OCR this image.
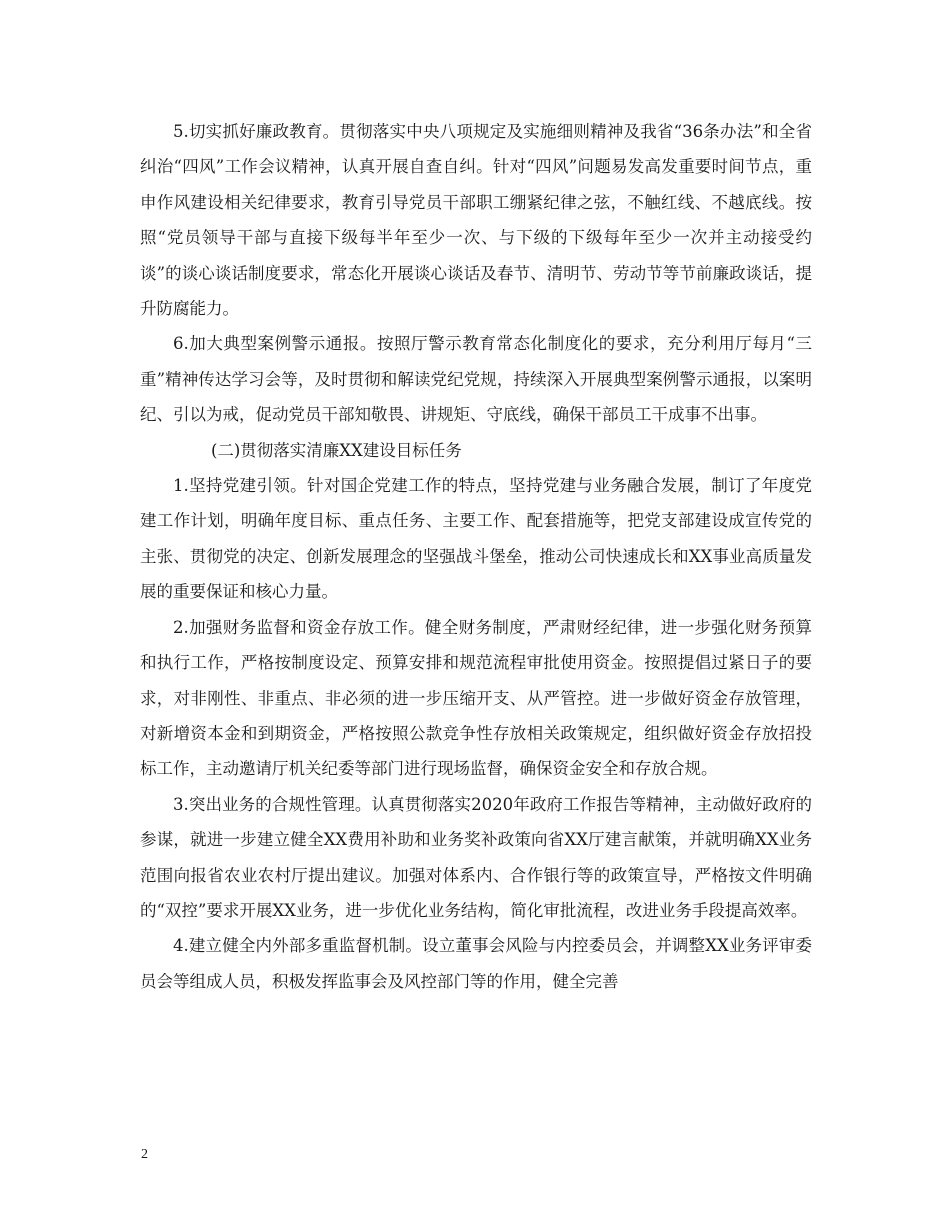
5.切实抓好廉政教育。贯彻落实中央八项规定及实施细则精神及我省“36条办法”和全省纠治“四风”工作会议精神，认真开展自查自纠。针对“四风”问题易发高发重要时间节点，重申作风建设相关纪律要求，教育引导党员干部职工绷紧纪律之弦，不触红线、不越底线。按照“党员领导干部与直接下级每半年至少一次、与下级的下级每年至少一次并主动接受约谈”的谈心谈话制度要求，常态化开展谈心谈话及春节、清明节、劳动节等节前廉政谈话，提升防腐能力。

6.加大典型案例警示通报。按照厅警示教育常态化制度化的要求，充分利用厅每月“三重”精神传达学习会等，及时贯彻和解读党纪党规，持续深入开展典型案例警示通报，以案明纪、引以为戒，促动党员干部知敬畏、讲规矩、守底线，确保干部员工干成事不出事。

(二)贯彻落实清廉XX建设目标任务

1.坚持党建引领。针对国企党建工作的特点，坚持党建与业务融合发展，制订了年度党建工作计划，明确年度目标、重点任务、主要工作、配套措施等，把党支部建设成宣传党的主张、贯彻党的决定、创新发展理念的坚强战斗堡垒，推动公司快速成长和XX事业高质量发展的重要保证和核心力量。

2.加强财务监督和资金存放工作。健全财务制度，严肃财经纪律，进一步强化财务预算和执行工作，严格按制度设定、预算安排和规范流程审批使用资金。按照提倡过紧日子的要求，对非刚性、非重点、非必须的进一步压缩开支、从严管控。进一步做好资金存放管理，对新增资本金和到期资金，严格按照公款竞争性存放相关政策规定，组织做好资金存放招投标工作，主动邀请厅机关纪委等部门进行现场监督，确保资金安全和存放合规。

3.突出业务的合规性管理。认真贯彻落实2020年政府工作报告等精神，主动做好政府的参谋，就进一步建立健全XX费用补助和业务奖补政策向省XX厅建言献策，并就明确XX业务范围向报省农业农村厅提出建议。加强对体系内、合作银行等的政策宣导，严格按文件明确的“双控”要求开展XX业务，进一步优化业务结构，简化审批流程，改进业务手段提高效率。

4.建立健全内外部多重监督机制。设立董事会风险与内控委员会，并调整XX业务评审委员会等组成人员，积极发挥监事会及风控部门等的作用，健全完善

2
